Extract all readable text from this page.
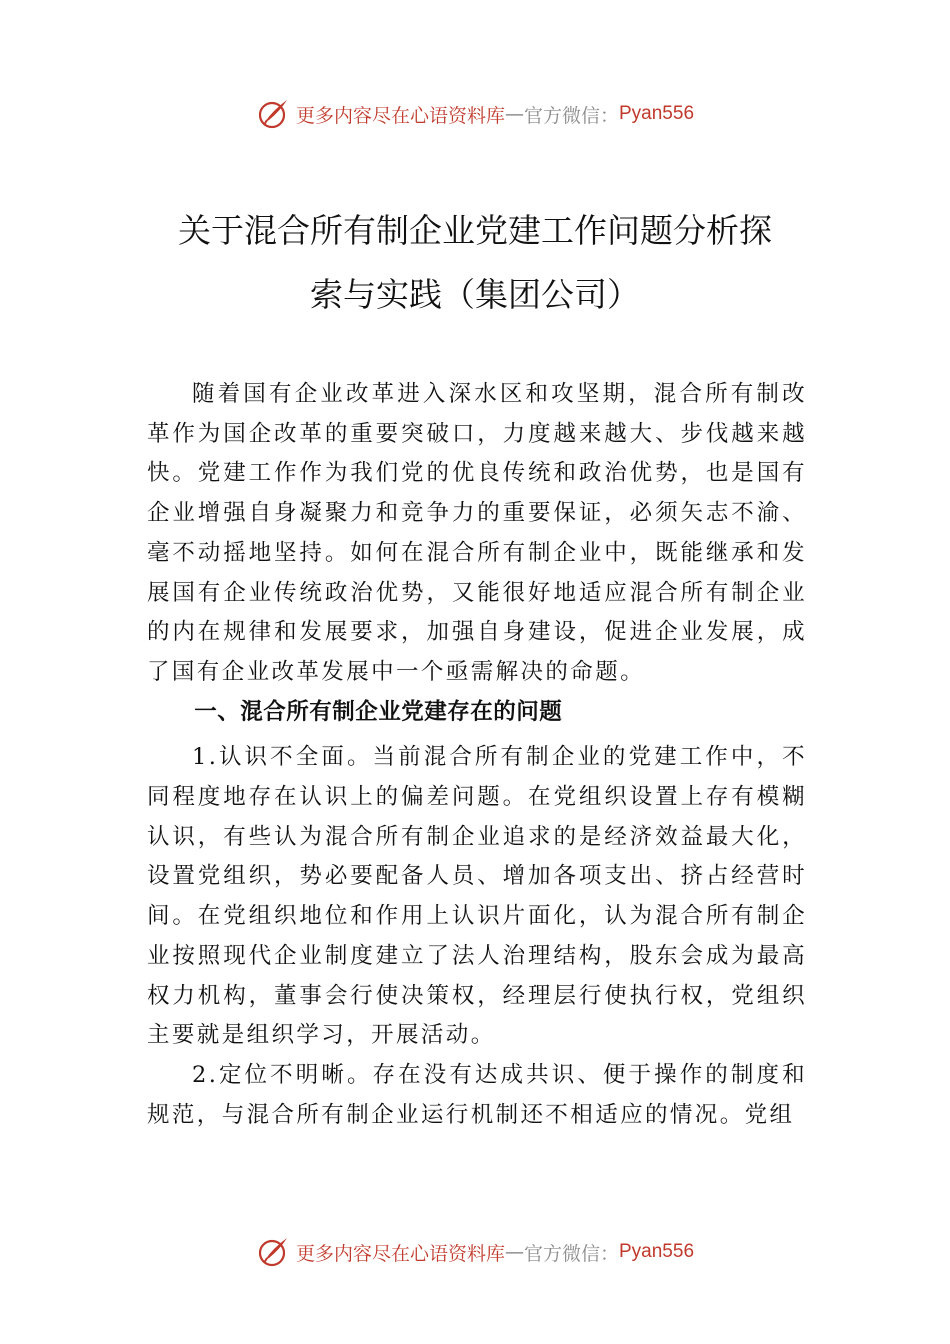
更多内容尽在心语资料库 — 官方微信： Pyan556
关于混合所有制企业党建工作问题分析探
索与实践（集团公司）

随着国有企业改革进入深水区和攻坚期，混合所有制改革作为国企改革的重要突破口，力度越来越大、步伐越来越快。党建工作作为我们党的优良传统和政治优势，也是国有企业增强自身凝聚力和竞争力的重要保证，必须矢志不渝、 毫不动摇地坚持。如何在混合所有制企业中，既能继承和发展国有企业传统政治优势，又能很好地适应混合所有制企业的内在规律和发展要求，加强自身建设，促进企业发展，成了国有企业改革发展中一个亟需解决的命题。

一、混合所有制企业党建存在的问题

1.认识不全面。当前混合所有制企业的党建工作中，不同程度地存在认识上的偏差问题。在党组织设置上存有模糊认识，有些认为混合所有制企业追求的是经济效益最大化， 设置党组织，势必要配备人员、增加各项支出、挤占经营时间。在党组织地位和作用上认识片面化，认为混合所有制企业按照现代企业制度建立了法人治理结构，股东会成为最高权力机构，董事会行使决策权，经理层行使执行权，党组织主要就是组织学习，开展活动。

2.定位不明晰。存在没有达成共识、便于操作的制度和规范，与混合所有制企业运行机制还不相适应的情况。党组

更多内容尽在心语资料库 — 官方微信： Pyan556
